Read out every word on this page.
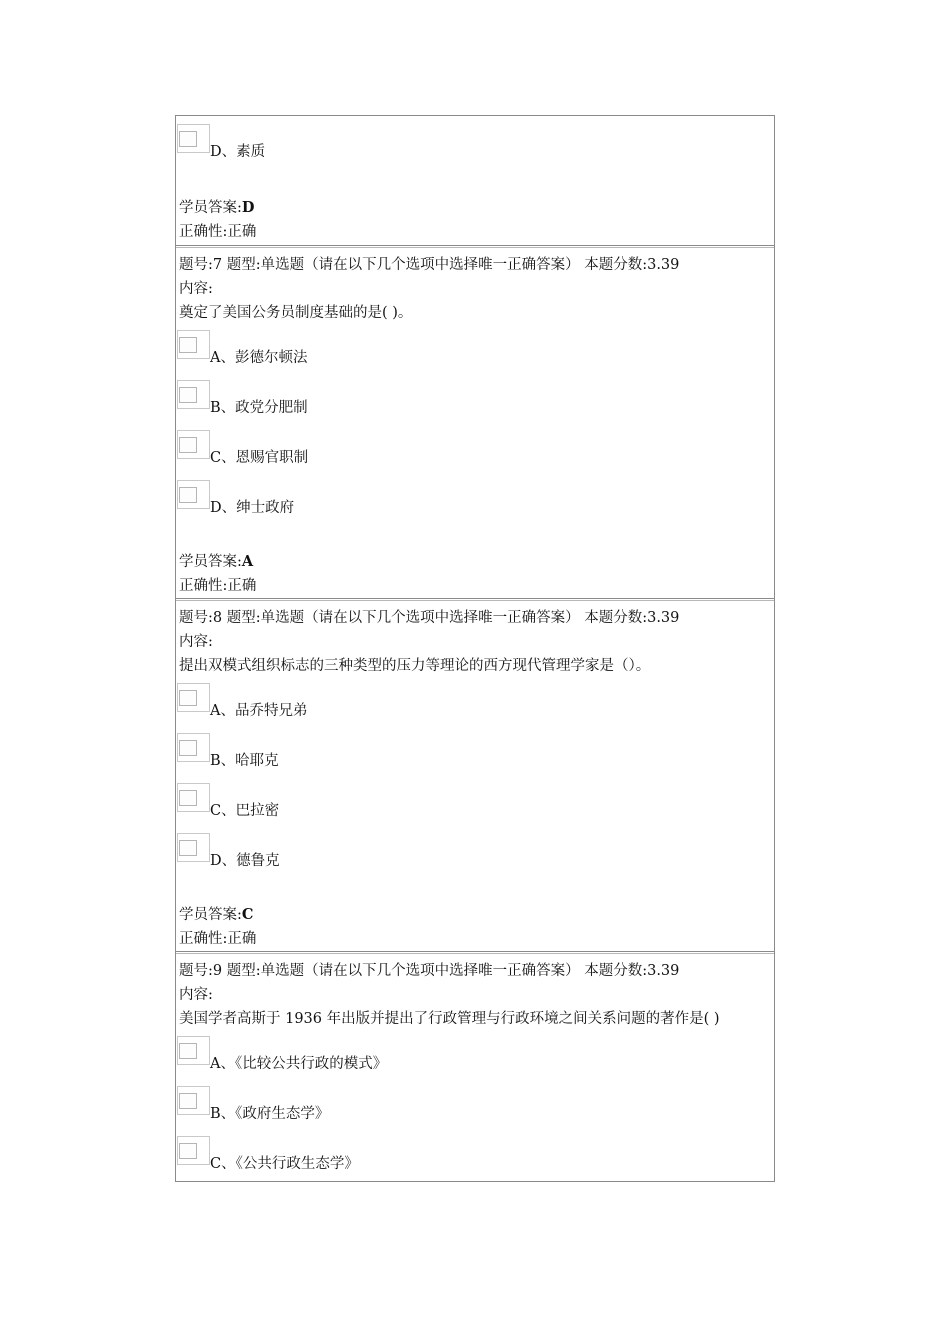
D、素质
学员答案:D
正确性:正确
题号:7 题型:单选题（请在以下几个选项中选择唯一正确答案） 本题分数:3.39
内容:
奠定了美国公务员制度基础的是( )。
A、彭德尔顿法
B、政党分肥制
C、恩赐官职制
D、绅士政府
学员答案:A
正确性:正确
题号:8 题型:单选题（请在以下几个选项中选择唯一正确答案） 本题分数:3.39
内容:
提出双模式组织标志的三种类型的压力等理论的西方现代管理学家是（）。
A、品乔特兄弟
B、哈耶克
C、巴拉密
D、德鲁克
学员答案:C
正确性:正确
题号:9 题型:单选题（请在以下几个选项中选择唯一正确答案） 本题分数:3.39
内容:
美国学者高斯于 1936 年出版并提出了行政管理与行政环境之间关系问题的著作是( )
A、《比较公共行政的模式》
B、《政府生态学》
C、《公共行政生态学》
